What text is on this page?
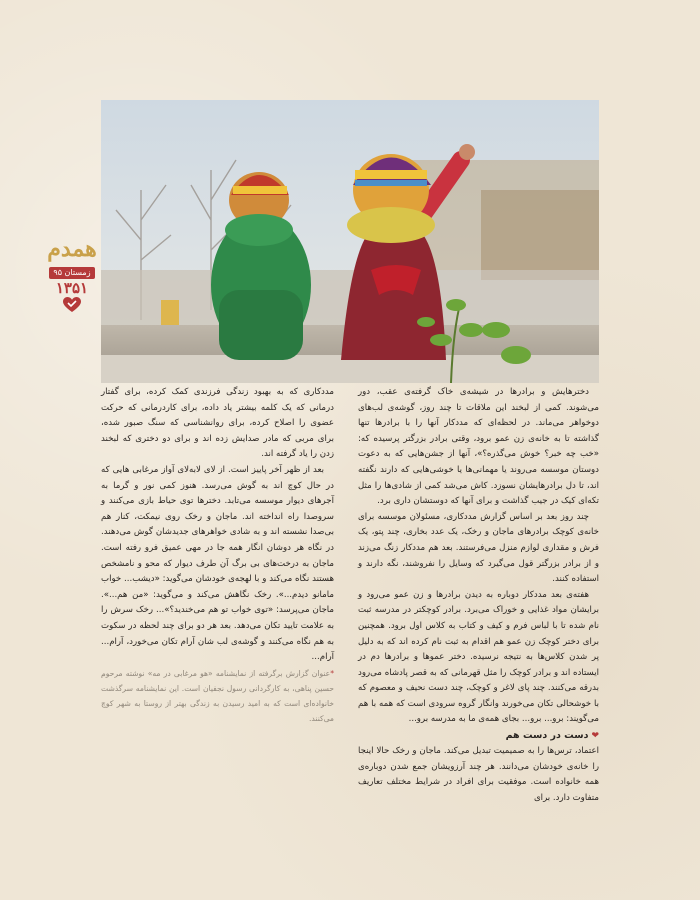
همدم
زمستان ۹۵
۱۳۵۱

دخترهایش و برادرها در شیشه‌ی خاک گرفته‌ی عقب، دور می‌شوند. کمی از لبخند این ملاقات تا چند روز، گوشه‌ی لب‌های دوخواهر می‌ماند. در لحظه‌ای که مددکار آنها را با برادرها تنها گذاشته تا به خانه‌ی زن عمو برود، وقتی برادر بزرگتر پرسیده که: «خب چه خبر؟ خوش می‌گذره؟»، آنها از جشن‌هایی که به دعوت دوستان موسسه می‌روند یا مهمانی‌ها یا خوشی‌هایی که دارند نگفته اند، تا دل برادرهایشان نسوزد. کاش می‌شد کمی از شادی‌ها را مثل تکه‌ای کیک در جیب گذاشت و برای آنها که دوستشان داری برد.

چند روز بعد بر اساس گزارش مددکاری، مسئولان موسسه برای خانه‌ی کوچک برادرهای ماجان و رخک، یک عدد بخاری، چند پتو، یک فرش و مقداری لوازم منزل می‌فرستند. بعد هم مددکار زنگ می‌زند و از برادر بزرگتر قول می‌گیرد که وسایل را نفروشند، نگه دارند و استفاده کنند.

هفته‌ی بعد مددکار دوباره به دیدن برادرها و زن عمو می‌رود و برایشان مواد غذایی و خوراک می‌برد. برادر کوچکتر در مدرسه ثبت نام شده تا با لباس فرم و کیف و کتاب به کلاس اول برود. همچنین برای دختر کوچک زن عمو هم اقدام به ثبت نام کرده اند که به دلیل پر شدن کلاس‌ها به نتیجه نرسیده. دختر عموها و برادرها دم در ایستاده اند و برادر کوچک را مثل قهرمانی که به قصر پادشاه می‌رود بدرقه می‌کنند. چند پای لاغر و کوچک، چند دست نحیف و معصوم که با خوشحالی تکان می‌خورند وانگار گروه سرودی است که همه با هم می‌گویند: برو... برو... بجای همه‌ی ما به مدرسه برو...

❤دست در دست هم

اعتماد، ترس‌ها را به صمیمیت تبدیل می‌کند. ماجان و رخک حالا اینجا را خانه‌ی خودشان می‌دانند. هر چند آرزویشان جمع شدن دوباره‌ی همه خانواده است. موفقیت برای افراد در شرایط مختلف تعاریف متفاوت دارد. برای

مددکاری که به بهبود زندگی فرزندی کمک کرده، برای گفتار درمانی که یک کلمه بیشتر یاد داده، برای کاردرمانی که حرکت عضوی را اصلاح کرده، برای روانشناسی که سنگ صبور شده، برای مربی که مادر صدایش زده اند و برای دو دختری که لبخند زدن را یاد گرفته اند.

بعد از ظهر آخر پاییز است. از لای لابه‌لای آواز مرغابی هایی که در حال کوچ اند به گوش می‌رسد. هنوز کمی نور و گرما به آجرهای دیوار موسسه می‌تابد. دخترها توی حیاط بازی می‌کنند و سروصدا راه انداخته اند. ماجان و رخک روی نیمکت، کنار هم بی‌صدا نشسته اند و به شادی خواهرهای جدیدشان گوش می‌دهند. در نگاه هر دوشان انگار همه جا در مهی عمیق فرو رفته است. ماجان به درخت‌های بی برگ آن طرف دیوار که محو و نامشخص هستند نگاه می‌کند و با لهجه‌ی خودشان می‌گوید: «دیشب... خواب مامانو دیدم...». رخک نگاهش می‌کند و می‌گوید: «من هم...». ماجان می‌پرسد: «توی خواب تو هم می‌خندید؟»... رخک سرش را به علامت تایید تکان می‌دهد. بعد هر دو برای چند لحظه در سکوت به هم نگاه می‌کنند و گوشه‌ی لب شان آرام تکان می‌خورد، آرام... آرام...

*عنوان گزارش برگرفته از نمایشنامه «هو مرغابی در مه» نوشته مرحوم حسین پناهی، به کارگردانی رسول نجفیان است. این نمایشنامه سرگذشت خانواده‌ای است که به امید رسیدن به زندگی بهتر از روستا به شهر کوچ می‌کنند.
